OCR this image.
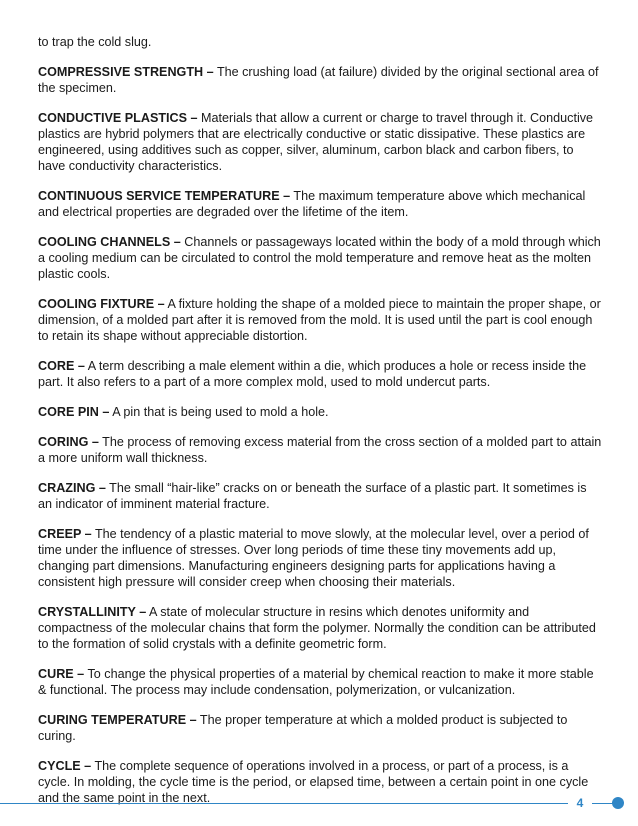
to trap the cold slug.

COMPRESSIVE STRENGTH – The crushing load (at failure) divided by the original sectional area of the specimen.

CONDUCTIVE PLASTICS – Materials that allow a current or charge to travel through it. Conductive plastics are hybrid polymers that are electrically conductive or static dissipative. These plastics are engineered, using additives such as copper, silver, aluminum, carbon black and carbon fibers, to have conductivity characteristics.

CONTINUOUS SERVICE TEMPERATURE – The maximum temperature above which mechanical and electrical properties are degraded over the lifetime of the item.

COOLING CHANNELS – Channels or passageways located within the body of a mold through which a cooling medium can be circulated to control the mold temperature and remove heat as the molten plastic cools.

COOLING FIXTURE – A fixture holding the shape of a molded piece to maintain the proper shape, or dimension, of a molded part after it is removed from the mold. It is used until the part is cool enough to retain its shape without appreciable distortion.

CORE – A term describing a male element within a die, which produces a hole or recess inside the part. It also refers to a part of a more complex mold, used to mold undercut parts.

CORE PIN – A pin that is being used to mold a hole.

CORING – The process of removing excess material from the cross section of a molded part to attain a more uniform wall thickness.

CRAZING – The small “hair-like” cracks on or beneath the surface of a plastic part. It sometimes is an indicator of imminent material fracture.

CREEP – The tendency of a plastic material to move slowly, at the molecular level, over a period of time under the influence of stresses. Over long periods of time these tiny movements add up, changing part dimensions. Manufacturing engineers designing parts for applications having a consistent high pressure will consider creep when choosing their materials.

CRYSTALLINITY – A state of molecular structure in resins which denotes uniformity and compactness of the molecular chains that form the polymer. Normally the condition can be attributed to the formation of solid crystals with a definite geometric form.

CURE – To change the physical properties of a material by chemical reaction to make it more stable & functional. The process may include condensation, polymerization, or vulcanization.

CURING TEMPERATURE – The proper temperature at which a molded product is subjected to curing.

CYCLE – The complete sequence of operations involved in a process, or part of a process, is a cycle. In molding, the cycle time is the period, or elapsed time, between a certain point in one cycle and the same point in the next.	4
